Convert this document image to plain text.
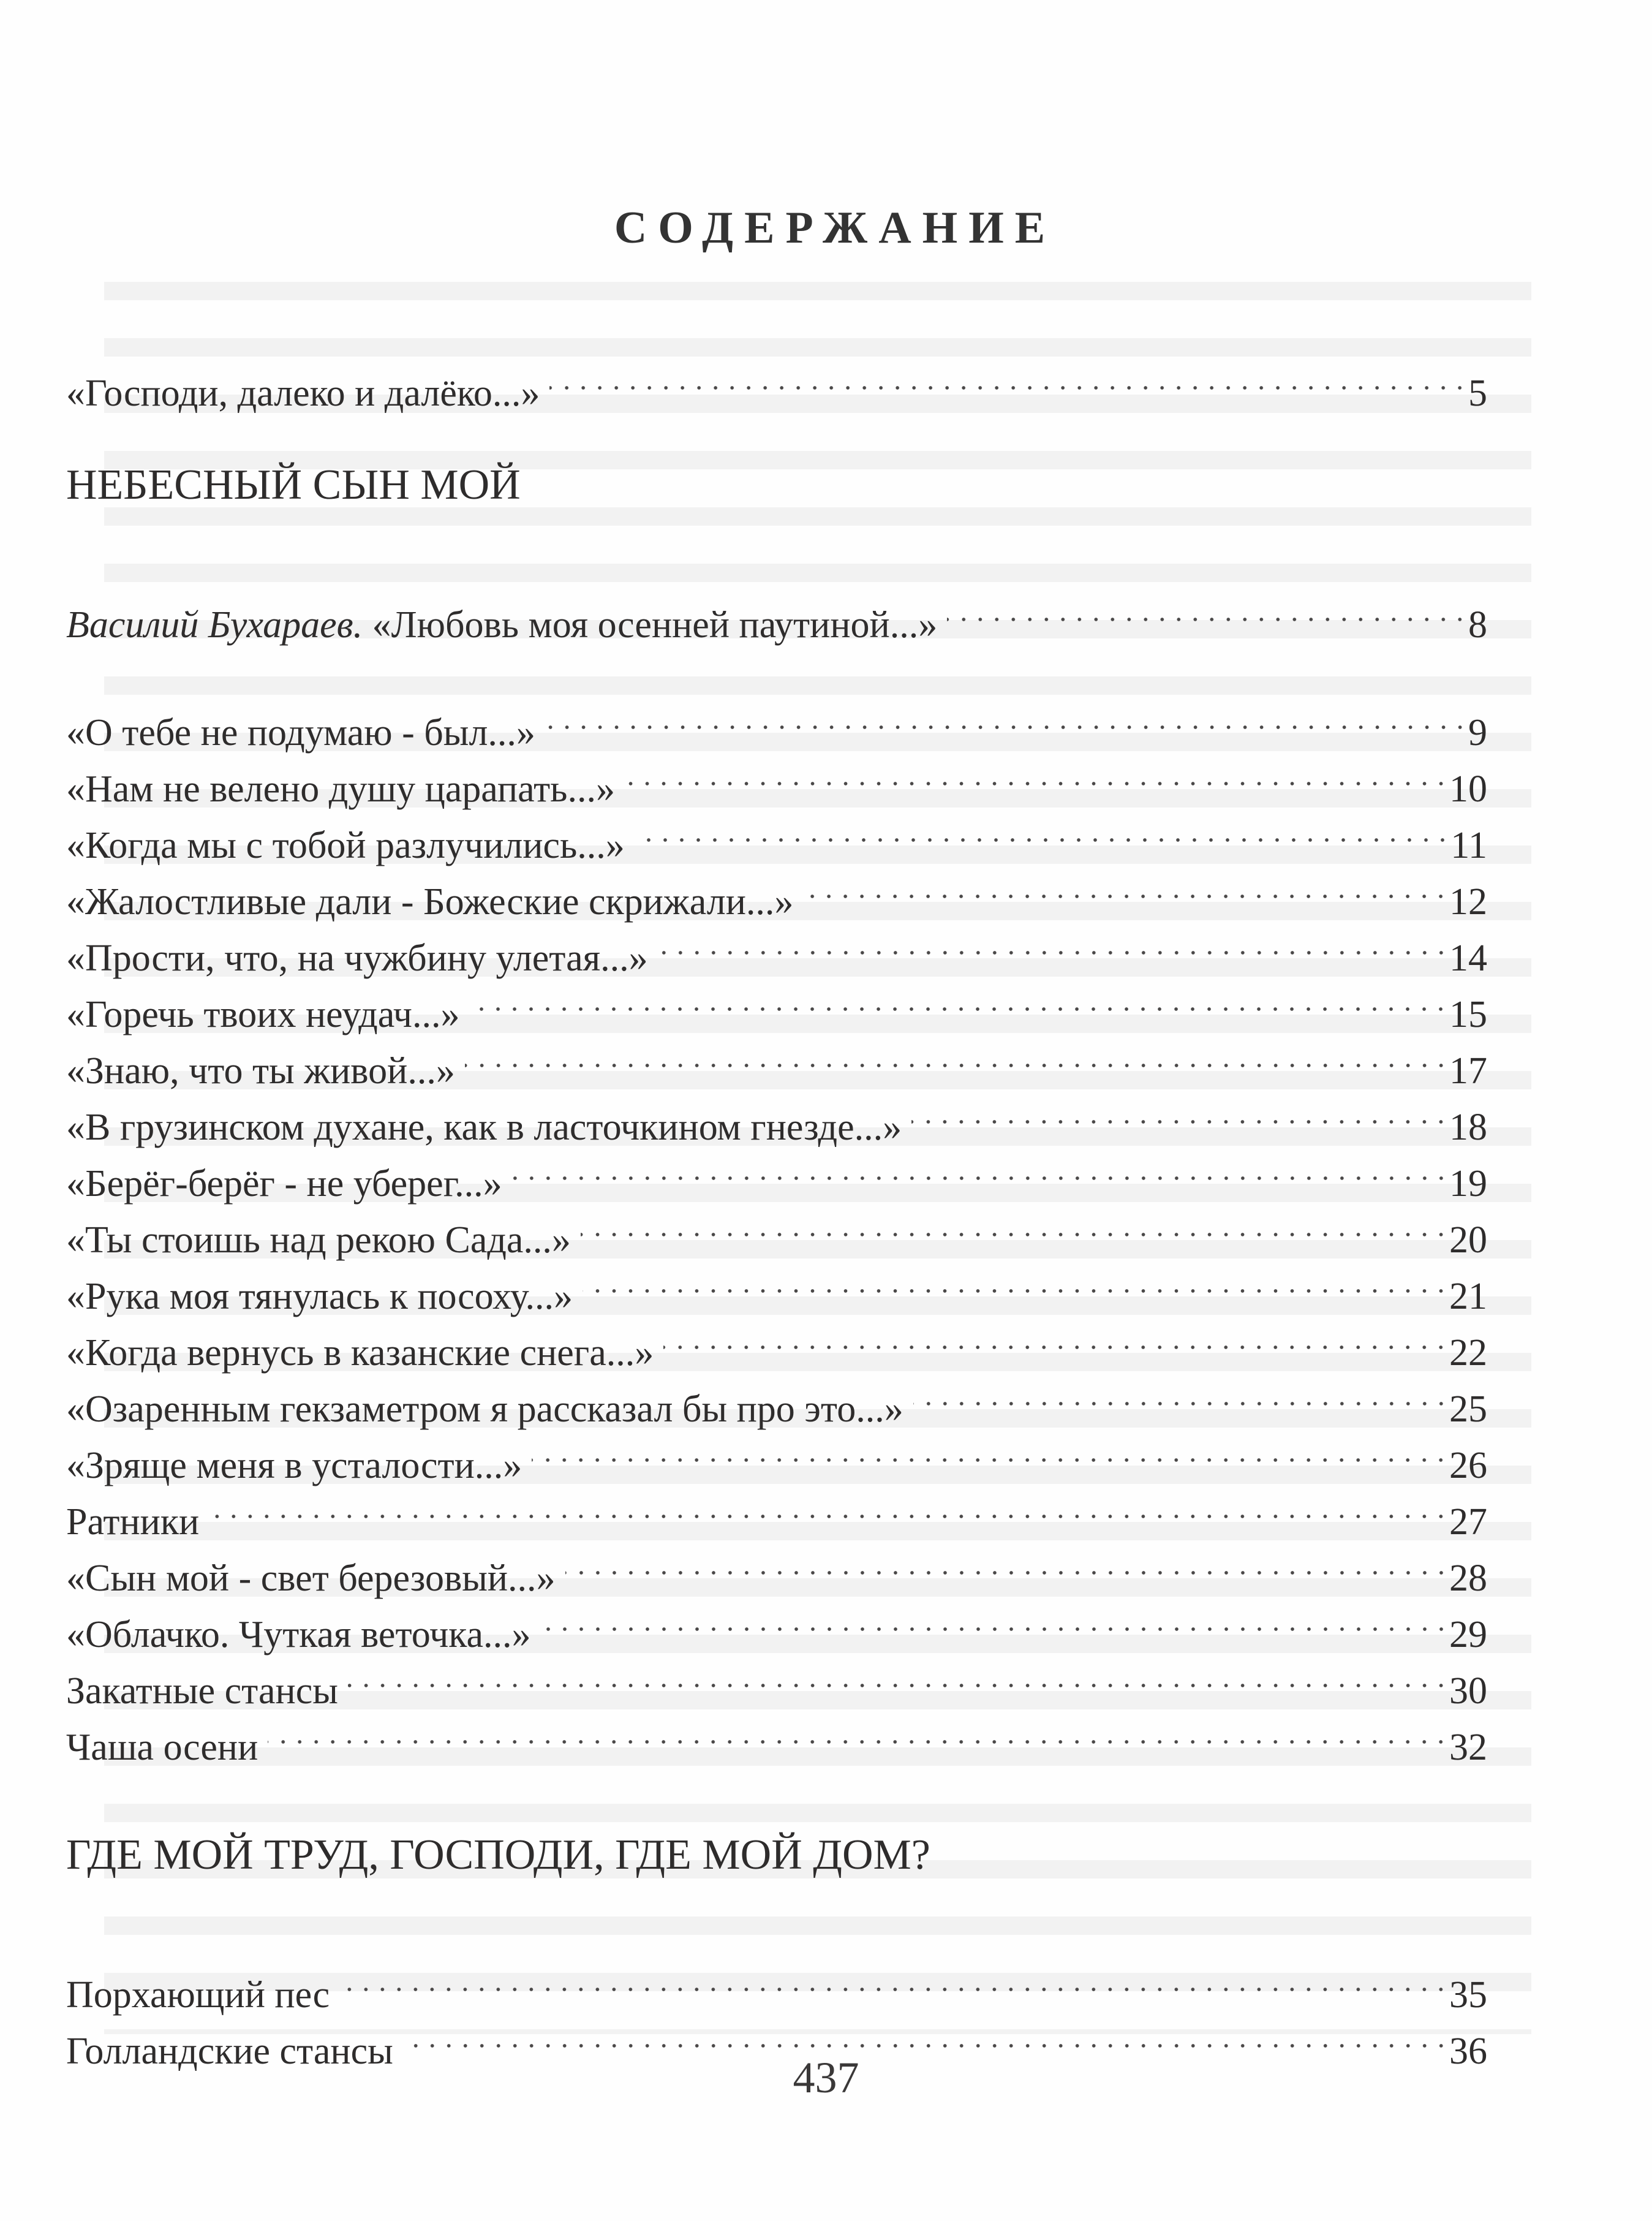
СОДЕРЖАНИЕ
«Господи, далеко и далёко...»	5
НЕБЕСНЫЙ СЫН МОЙ
Василий Бухараев. «Любовь моя осенней паутиной...»	8
«О тебе не подумаю - был...»	9
«Нам не велено душу царапать...»	10
«Когда мы с тобой разлучились...»	11
«Жалостливые дали - Божеские скрижали...»	12
«Прости, что, на чужбину улетая...»	14
«Горечь твоих неудач...»	15
«Знаю, что ты живой...»	17
«В грузинском духане, как в ласточкином гнезде...»	18
«Берёг-берёг - не уберег...»	19
«Ты стоишь над рекою Сада...»	20
«Рука моя тянулась к посоху...»	21
«Когда вернусь в казанские снега...»	22
«Озаренным гекзаметром я рассказал бы про это...»	25
«Зряще меня в усталости...»	26
Ратники	27
«Сын мой - свет березовый...»	28
«Облачко. Чуткая веточка...»	29
Закатные стансы	30
Чаша осени	32
ГДЕ МОЙ ТРУД, ГОСПОДИ, ГДЕ МОЙ ДОМ?
Порхающий пес	35
Голландские стансы	36
437
